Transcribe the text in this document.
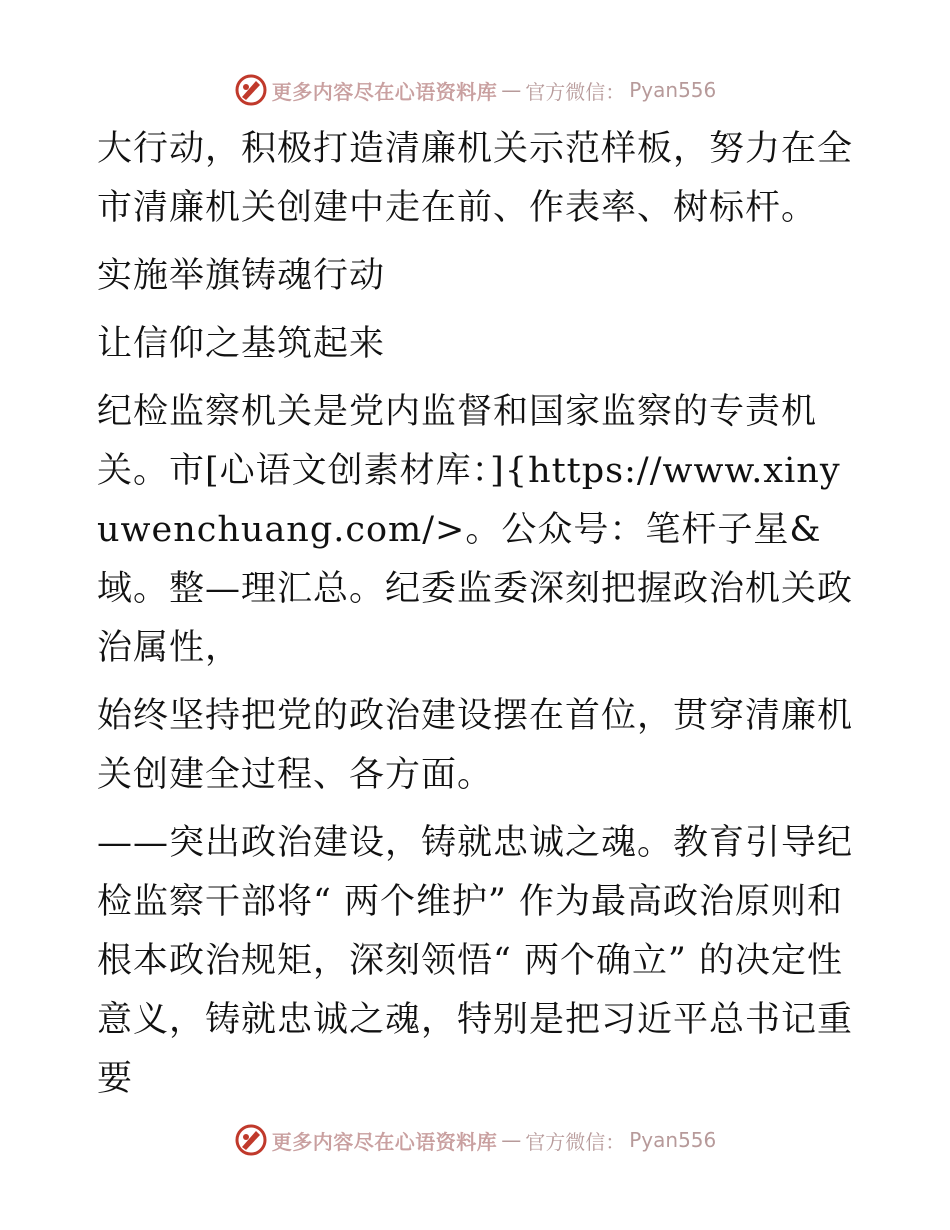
更多内容尽在心语资料库 — 官方微信： Pyan556

大行动，积极打造清廉机关示范样板，努力在全市清廉机关创建中走在前、作表率、树标杆。

实施举旗铸魂行动

让信仰之基筑起来

纪检监察机关是党内监督和国家监察的专责机关。市[心语文创素材库：]{https://www.xinyuwenchuang.com/>。公众号：笔杆子星&域。整—理汇总。纪委监委深刻把握政治机关政治属性，

始终坚持把党的政治建设摆在首位，贯穿清廉机关创建全过程、各方面。

——突出政治建设，铸就忠诚之魂。教育引导纪检监察干部将“ 两个维护” 作为最高政治原则和根本政治规矩，深刻领悟“ 两个确立” 的决定性意义，铸就忠诚之魂，特别是把习近平总书记重要

更多内容尽在心语资料库 — 官方微信： Pyan556
